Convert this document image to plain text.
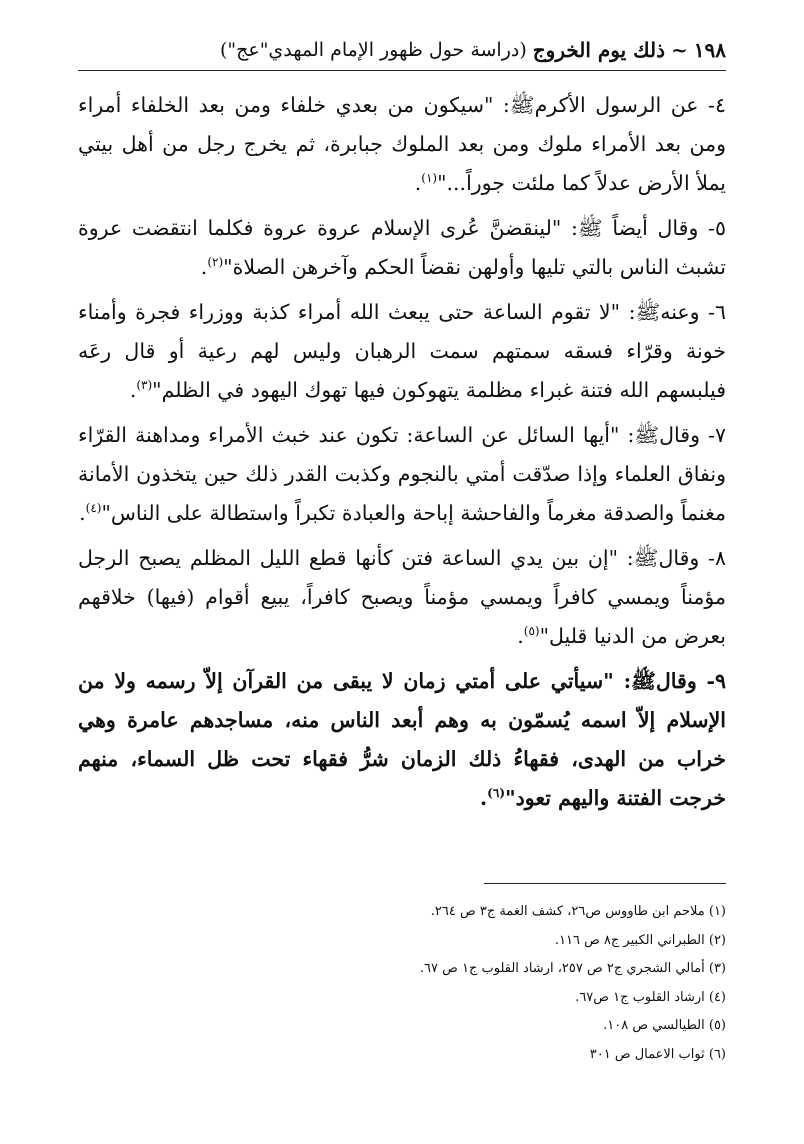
١٩٨
~
ذلك يوم الخروج
(دراسة حول ظهور الإمام المهدي"عج")

٤- عن الرسول الأكرمﷺ: "سيكون من بعدي خلفاء ومن بعد الخلفاء أمراء ومن بعد الأمراء ملوك ومن بعد الملوك جبابرة، ثم يخرج رجل من أهل بيتي يملأ الأرض عدلاً كما ملئت جوراً..."$^{(١)}$.

٥- وقال أيضاً ﷺ: "لينقضنَّ عُرى الإسلام عروة عروة فكلما انتقضت عروة تشبث الناس بالتي تليها وأولهن نقضاً الحكم وآخرهن الصلاة"$^{(٢)}$.

٦- وعنهﷺ: "لا تقوم الساعة حتى يبعث الله أمراء كذبة ووزراء فجرة وأمناء خونة وقرّاء فسقه سمتهم سمت الرهبان وليس لهم رعية أو قال رعَه فيلبسهم الله فتنة غبراء مظلمة يتهوكون فيها تهوك اليهود في الظلم"$^{(٣)}$.

٧- وقالﷺ: "أيها السائل عن الساعة: تكون عند خبث الأمراء ومداهنة القرّاء ونفاق العلماء وإذا صدّقت أمتي بالنجوم وكذبت القدر ذلك حين يتخذون الأمانة مغنماً والصدقة مغرماً والفاحشة إباحة والعبادة تكبراً واستطالة على الناس"$^{(٤)}$.

٨- وقالﷺ: "إن بين يدي الساعة فتن كأنها قطع الليل المظلم يصبح الرجل مؤمناً ويمسي كافراً ويمسي مؤمناً ويصبح كافراً، يبيع أقوام (فيها) خلاقهم بعرض من الدنيا قليل"$^{(٥)}$.

٩- وقالﷺ: "سيأتي على أمتي زمان لا يبقى من القرآن إلاّ رسمه ولا من الإسلام إلاّ اسمه يُسمّون به وهم أبعد الناس منه، مساجدهم عامرة وهي خراب من الهدى، فقهاءُ ذلك الزمان شرُّ فقهاء تحت ظل السماء، منهم خرجت الفتنة واليهم تعود"$^{(٦)}$.

(١) ملاحم ابن طاووس ص٢٦، كشف الغمة ج٣ ص ٢٦٤.
(٢) الطبراني الكبير ج٨ ص ١١٦.
(٣) أمالي الشجري ج٢ ص ٢٥٧، ارشاد القلوب ج١ ص ٦٧.
(٤) ارشاد القلوب ج١ ص٦٧.
(٥) الطيالسي ص ١٠٨.
(٦) ثواب الاعمال ص ٣٠١
